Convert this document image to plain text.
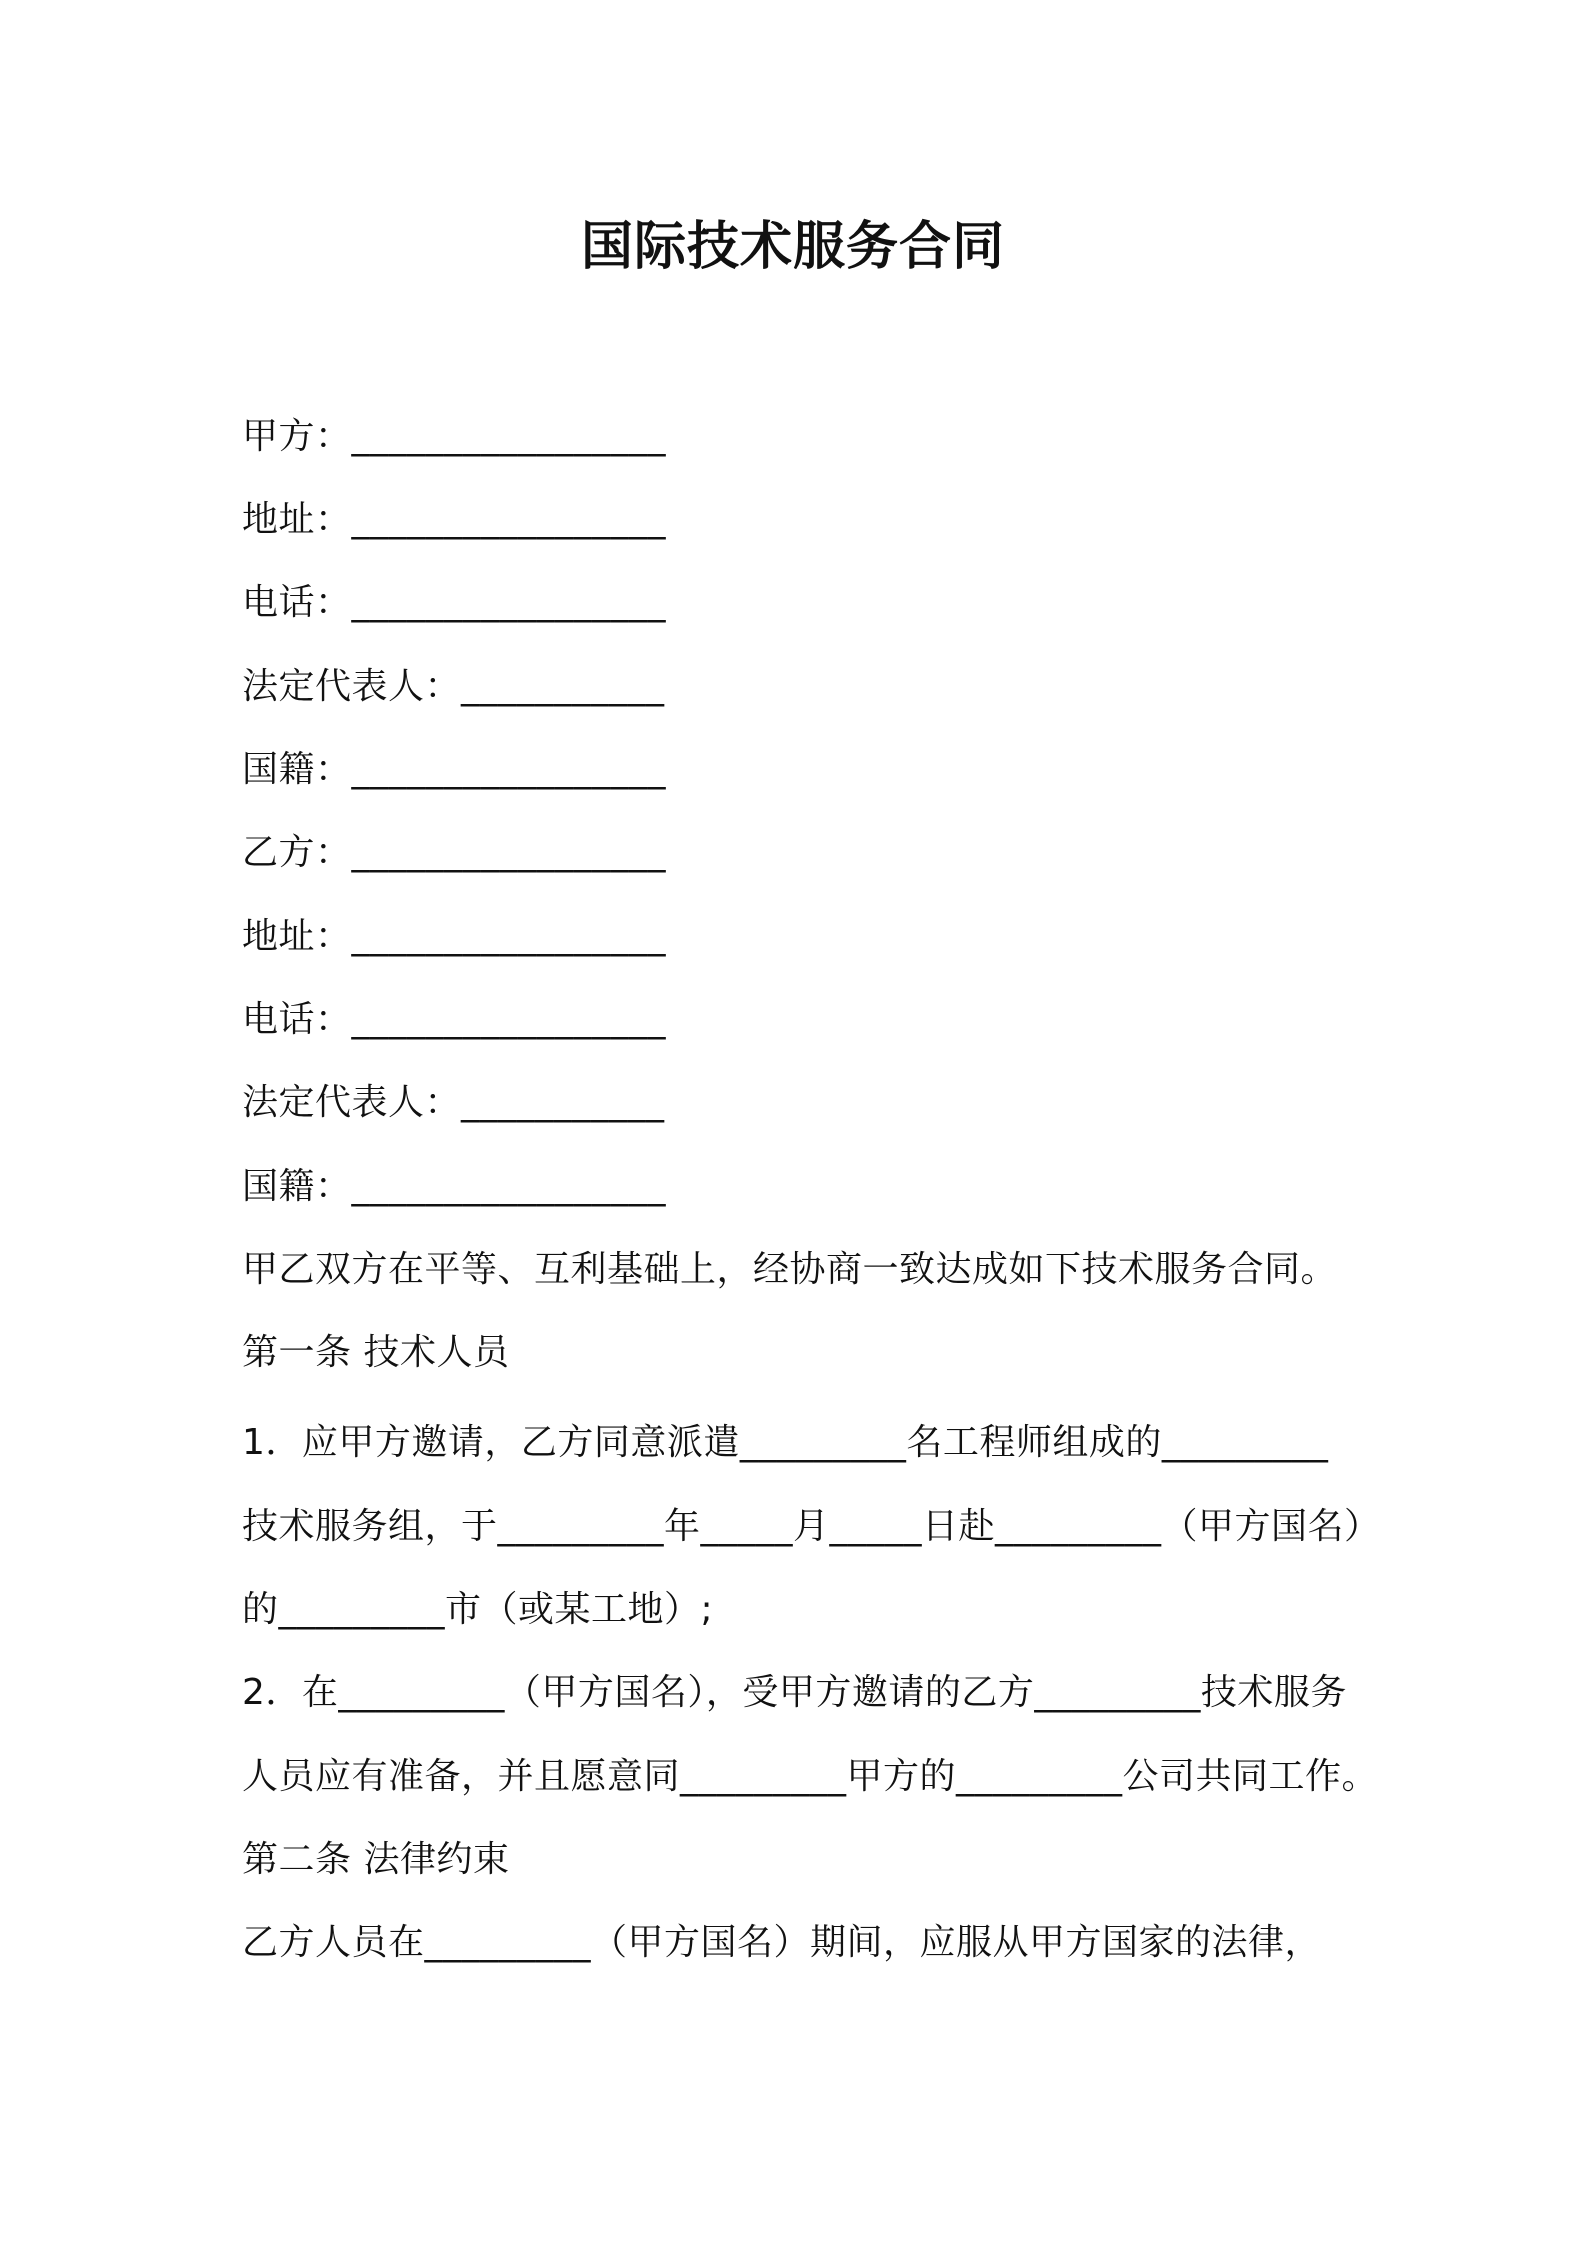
国际技术服务合同
甲方：_________________
地址：_________________
电话：_________________
法定代表人：___________
国籍：_________________
乙方：_________________
地址：_________________
电话：_________________
法定代表人：___________
国籍：_________________
甲乙双方在平等、互利基础上，经协商一致达成如下技术服务合同。
第一条 技术人员
1．应甲方邀请，乙方同意派遣_________名工程师组成的_________
技术服务组，于_________年_____月_____日赴_________（甲方国名）
的_________市（或某工地）;
2．在_________（甲方国名），受甲方邀请的乙方_________技术服务
人员应有准备，并且愿意同_________甲方的_________公司共同工作。
第二条 法律约束
乙方人员在_________（甲方国名）期间，应服从甲方国家的法律，
